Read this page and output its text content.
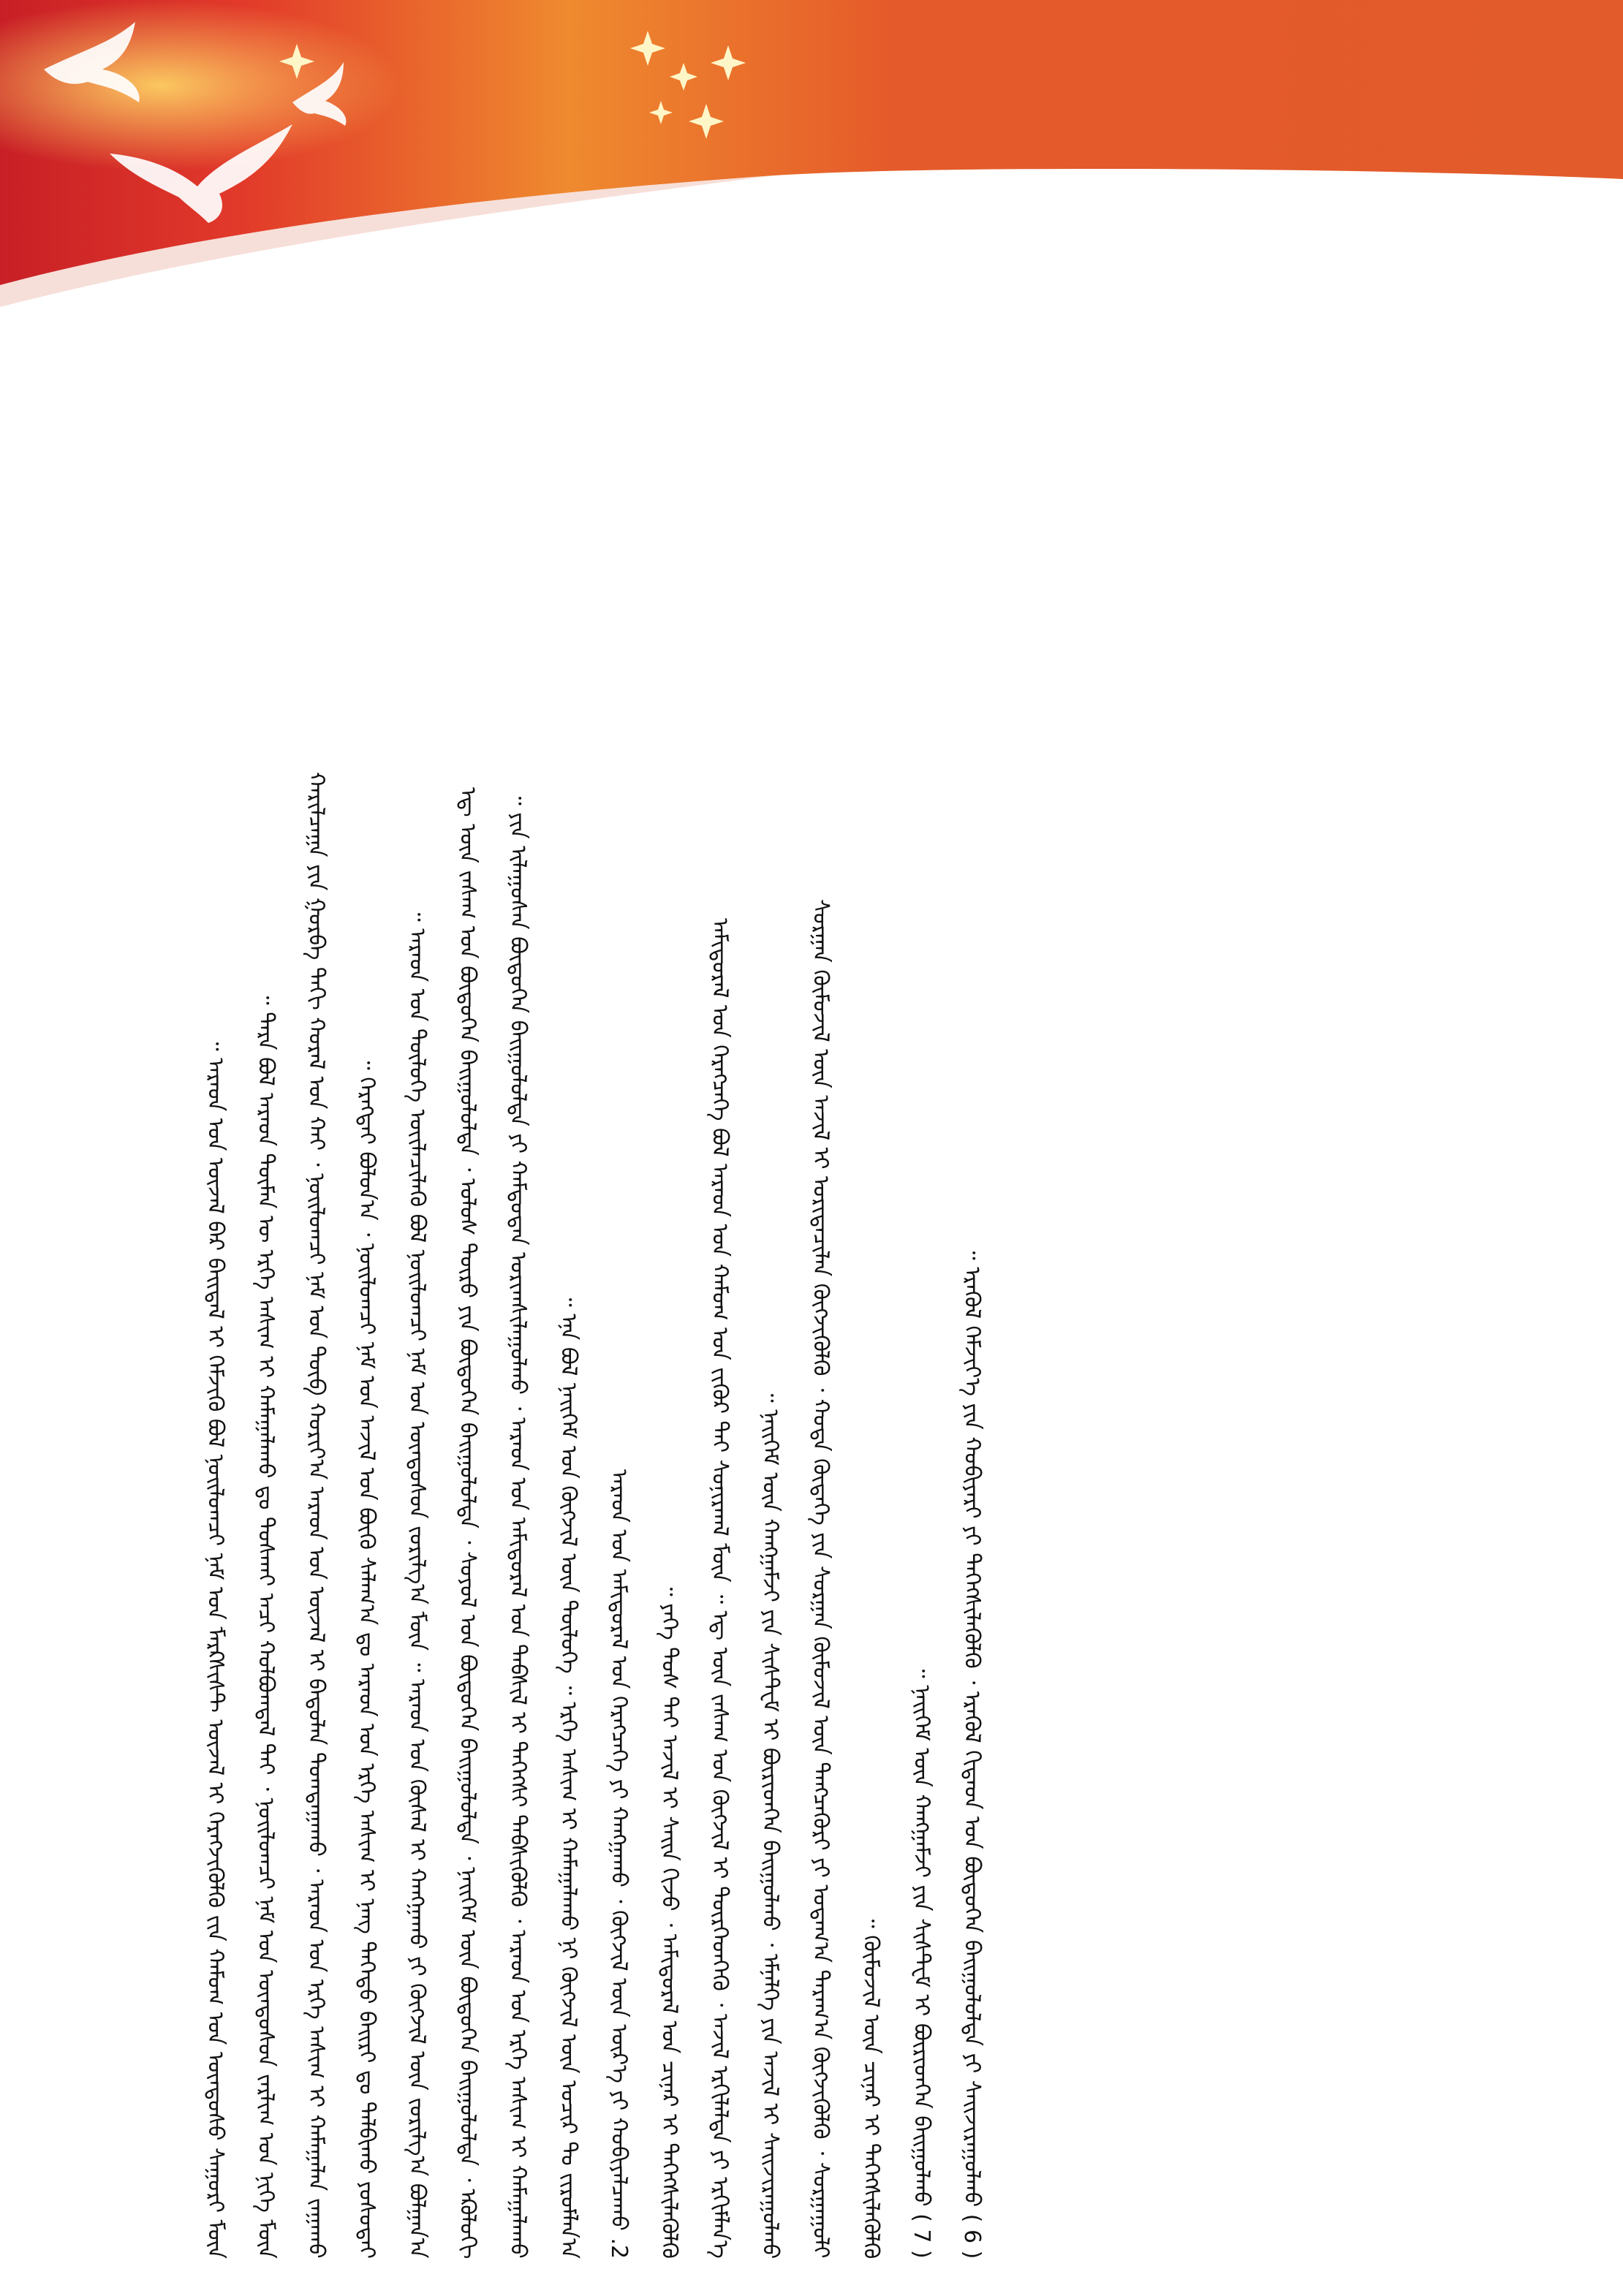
ᠠᠷᠠᠳ ᠤᠨ ᠦᠵᠡᠯ ᠪᠠᠷ ᠪᠠᠢᠳᠠᠯ ᠢ ᠬᠡᠮᠵᠢᠬᠦ ᠪᠣᠯ ᠨᠣᠢᠯᠣᠭᠴᠢ ᠨᠠᠮ ᠤᠨ ᠮᠠᠷᠺᠰᠢᠰᠲ ᠦᠵᠡᠯ ᠢ ᠬᠡᠷᠡᠭᠵᠢᠭᠦᠯᠬᠦ ᠵᠢᠨ ᠬᠠᠮᠤᠭ ᠤᠨ ᠦᠨᠳᠦᠰᠦ ᠰᠠᠭᠤᠷᠢ ᠮᠥᠨ ᠃
ᠲᠡᠷᠡ ᠪᠣᠯ ᠠᠷᠠᠳ ᠲᠦᠮᠡᠨ ᠦ ᠡᠷᠬᠡ ᠠᠰᠢᠭ ᠢ ᠬᠠᠮᠠᠭᠠᠯᠠᠬᠤ ᠳᠤ ᠲᠤᠰᠬᠠᠢ ᠠᠴᠢ ᠬᠣᠯᠪᠣᠭᠳᠠᠯ ᠲᠠᠢ ᠂ ᠨᠣᠢᠯᠣᠭᠴᠢ ᠨᠠᠮ ᠤᠨ ᠦᠨᠳᠦᠰᠦᠨ ᠵᠠᠷᠯᠢᠭ ᠤᠨ ᠨᠢᠭᠡ ᠮᠥᠨ ᠃	ᠬᠠᠷᠢᠯᠴᠠᠭᠠ ᠶᠢᠨ ᠭᠤᠷᠪᠠ ᠳᠠᠬᠢ ᠬᠤᠷᠠᠯ ᠤᠨ ᠬᠠᠢ ᠂ ᠨᠣᠢᠯᠣᠭᠴᠢ ᠨᠠᠮ ᠤᠨ ᠲᠥᠪ ᠬᠣᠷᠢᠶ᠎ᠠ ᠠᠷᠠᠳ ᠤᠨ ᠦᠵᠡᠯ ᠢ ᠪᠠᠳᠤᠯᠠᠨ ᠲᠣᠭᠲᠠᠭᠠᠬᠤ ᠂ ᠠᠷᠠᠳ ᠤᠨ ᠡᠷᠬᠡ ᠠᠰᠢᠭ ᠢ ᠬᠠᠮᠠᠭᠠᠯᠠᠨ ᠵᠠᠭᠠᠬᠤ	ᠬᠡᠷᠡᠭᠲᠡᠢ ᠪᠣᠯᠤᠨ᠎ᠠ ᠂ ᠨᠣᠢᠯᠣᠭᠴᠢ ᠨᠠᠮ ᠤᠨ ᠠᠵᠢᠯ ᠤᠨ ᠪᠦᠬᠦ ᠰᠠᠯᠠᠭ᠎ᠠ ᠳᠤ ᠠᠷᠠᠳ ᠤᠨ ᠡᠷᠬᠡ ᠠᠰᠢᠭ ᠢ ᠨᠡᠩ ᠳᠡᠭᠡᠳᠦ ᠪᠠᠢᠷᠢ ᠳᠤ ᠲᠠᠯᠪᠢᠬᠤ ᠶᠣᠰᠣᠲᠠᠢ ᠃
ᠠᠷᠠᠳ ᠤᠨ ᠲᠥᠯᠦᠭᠡ ᠦᠢᠯᠡᠴᠢᠯᠡᠬᠦ ᠪᠣᠯ ᠨᠣᠢᠯᠣᠭᠴᠢ ᠨᠠᠮ ᠤᠨ ᠦᠨᠳᠦᠰᠦᠨ ᠵᠣᠷᠢᠯᠭ᠎ᠠ ᠮᠥᠨ ᠃ ᠠᠷᠠᠳ ᠤᠨ ᠬᠦᠰᠡᠯ ᠢ ᠬᠠᠩᠭᠠᠬᠤ ᠶᠢ ᠬᠥᠭᠵᠢᠯ ᠦᠨ ᠵᠣᠷᠢᠯᠭ᠎ᠠ ᠪᠣᠯᠭᠠᠨ᠎ᠠ ᠃	ᠡᠳ᠋ ᠦᠨ ᠵᠠᠰᠠᠭ ᠤᠨ ᠪᠦᠲᠦᠭᠡᠨ ᠪᠠᠢᠭᠤᠯᠤᠯᠲᠠ ᠂ ᠤᠯᠤᠰ ᠲᠥᠷᠦ ᠶᠢᠨ ᠪᠦᠲᠦᠭᠡᠨ ᠪᠠᠢᠭᠤᠯᠤᠯᠲᠠ ᠂ ᠰᠣᠶᠣᠯ ᠤᠨ ᠪᠦᠲᠦᠭᠡᠨ ᠪᠠᠢᠭᠤᠯᠤᠯᠲᠠ ᠂ ᠨᠡᠢᠭᠡᠮ ᠦᠨ ᠪᠦᠲᠦᠭᠡᠨ ᠪᠠᠢᠭᠤᠯᠤᠯᠲᠠ ᠂ ᠡᠺᠣᠯᠣᠭᠢ	ᠶᠢᠨ ᠢᠯᠠᠭᠤᠰᠠᠨ ᠪᠦᠲᠦᠭᠡᠨ ᠪᠠᠢᠭᠤᠯᠤᠯᠲᠠ ᠶᠢ ᠬᠠᠮᠲᠤᠳᠠᠨ ᠤᠷᠢᠭᠰᠢᠯᠠᠭᠤᠯᠬᠤ ᠂ ᠠᠷᠠᠳ ᠤᠨ ᠠᠮᠢᠳᠤᠷᠠᠯ ᠤᠨ ᠳᠡᠪᠰᠢᠯ ᠢ ᠳᠡᠭᠡᠭᠰᠢ ᠳᠡᠪᠰᠢᠭᠦᠯᠬᠦ ᠂ ᠠᠷᠠᠳ ᠤᠨ ᠡᠷᠬᠡ ᠠᠰᠢᠭ ᠢ ᠬᠠᠮᠠᠭᠠᠯᠠᠬᠤ ᠃	ᠡᠨᠡ ᠪᠣᠯ ᠨᠡᠢᠭᠡᠮ ᠤᠨ ᠬᠥᠭᠵᠢᠯ ᠦᠨ ᠲᠥᠯᠦᠭᠡ ᠃ ᠡᠷᠬᠡ ᠠᠰᠢᠭ ᠢ ᠬᠠᠮᠠᠭᠠᠯᠠᠬᠤ ᠨᠢ ᠬᠥᠭᠵᠢᠯ ᠦᠨ ᠤᠴᠢᠷ ᠲᠤ ᠵᠢᠷᠤᠮᠯᠠᠨ᠎ᠠ ᠃	2. ᠠᠷᠠᠳ ᠤᠨ ᠠᠮᠢᠳᠤᠷᠠᠯ ᠤᠨ ᠬᠡᠷᠡᠭᠴᠡᠭᠡ ᠶᠢ ᠬᠠᠩᠭᠠᠬᠤ ᠂ ᠬᠥᠭᠵᠢᠯ ᠦᠨ ᠦᠷ᠎ᠡ ᠶᠢ ᠬᠤᠪᠢᠶᠠᠯᠴᠠᠬᠤ
ᠶᠡᠬᠡ ᠲᠤᠰ ᠲᠠᠢ ᠠᠵᠢᠯ ᠢ ᠰᠠᠢᠨ ᠬᠢᠵᠦ ᠂ ᠠᠮᠢᠳᠤᠷᠠᠯ ᠤᠨ ᠴᠢᠨᠠᠷ ᠢ ᠳᠡᠭᠡᠭᠰᠢᠯᠡᠭᠦᠯᠬᠦ ᠃	ᠠᠮᠢᠳᠤᠷᠠᠯ ᠤᠨ ᠬᠡᠷᠡᠭᠴᠡᠭᠡ ᠪᠣᠯ ᠠᠷᠠᠳ ᠤᠨ ᠬᠠᠮᠤᠭ ᠤᠨ ᠵᠢᠭᠦᠷ ᠲᠠᠢ ᠰᠣᠨᠢᠷᠬᠠᠯ ᠮᠥᠨ ᠃ ᠡᠳ᠋ ᠦᠨ ᠵᠠᠰᠠᠭ ᠤᠨ ᠬᠥᠭᠵᠢᠯ ᠢ ᠲᠦᠷᠭᠡᠳᠭᠡᠬᠦ ᠂ ᠠᠵᠢᠯ ᠡᠷᠬᠢᠯᠡᠯᠲᠡ ᠶᠢ ᠡᠷᠬᠢᠮᠯᠡᠨ᠎ᠡ	ᠨᠡᠢᠭᠡᠮ ᠦᠨ ᠬᠠᠩᠭᠠᠮᠵᠢ ᠶᠢᠨ ᠰᠢᠰᠲᠸᠮ ᠢ ᠪᠦᠷᠢᠳᠬᠡᠨ ᠪᠠᠢᠭᠤᠯᠬᠤ ᠂ ᠡᠮᠨᠡᠯᠭᠡ ᠶᠢᠨ ᠠᠵᠢᠯ ᠢ ᠰᠠᠢᠵᠢᠷᠠᠭᠤᠯᠬᠤ ᠃	ᠰᠤᠷᠭᠠᠨ ᠬᠦᠮᠦᠵᠢᠯ ᠦᠨ ᠠᠵᠢᠯ ᠢ ᠤᠷᠢᠳᠠᠴᠢᠯᠠᠨ ᠬᠥᠭᠵᠢᠭᠦᠯᠬᠦ ᠂ ᠬᠣᠲᠠ ᠬᠥᠳᠡᠭᠡ ᠶᠢᠨ ᠰᠤᠷᠭᠠᠨ ᠬᠦᠮᠦᠵᠢᠯ ᠦᠨ ᠲᠡᠩᠴᠡᠭᠦᠷᠢ ᠶᠢ ᠤᠳᠠᠭ᠎ᠠ ᠳᠠᠷᠠᠭ᠎ᠠ ᠬᠥᠭᠵᠢᠭᠦᠯᠬᠦ ᠂ ᠰᠤᠷᠭᠠᠭᠤᠯᠢ	ᠬᠦᠮᠦᠵᠢᠯ ᠦᠨ ᠴᠢᠨᠠᠷ ᠢ ᠳᠡᠭᠡᠭᠰᠢᠯᠡᠭᠦᠯᠬᠦ ᠃
( 7 ) ᠨᠡᠢᠭᠡᠮ ᠦᠨ ᠬᠠᠩᠭᠠᠮᠵᠢ ᠶᠢᠨ ᠰᠢᠰᠲᠸᠮ ᠢ ᠪᠦᠷᠢᠳᠬᠡᠨ ᠪᠠᠢᠭᠤᠯᠬᠤ ᠃
( 6 ) ᠡᠷᠡᠭᠦᠯ ᠬᠡᠮᠵᠢᠶ᠎ᠡ ᠶᠢᠨ ᠬᠤᠪᠢᠶᠠᠷᠢ ᠶᠢ ᠳᠡᠭᠡᠭᠰᠢᠯᠡᠭᠦᠯᠬᠦ ᠂ ᠡᠷᠡᠭᠦᠯ ᠬᠢᠲᠠᠳ ᠤᠨ ᠪᠦᠲᠦᠭᠡᠨ ᠪᠠᠢᠭᠤᠯᠤᠯᠲᠠ ᠶᠢ ᠰᠠᠢᠵᠢᠷᠠᠭᠤᠯᠬᠤ ᠃
